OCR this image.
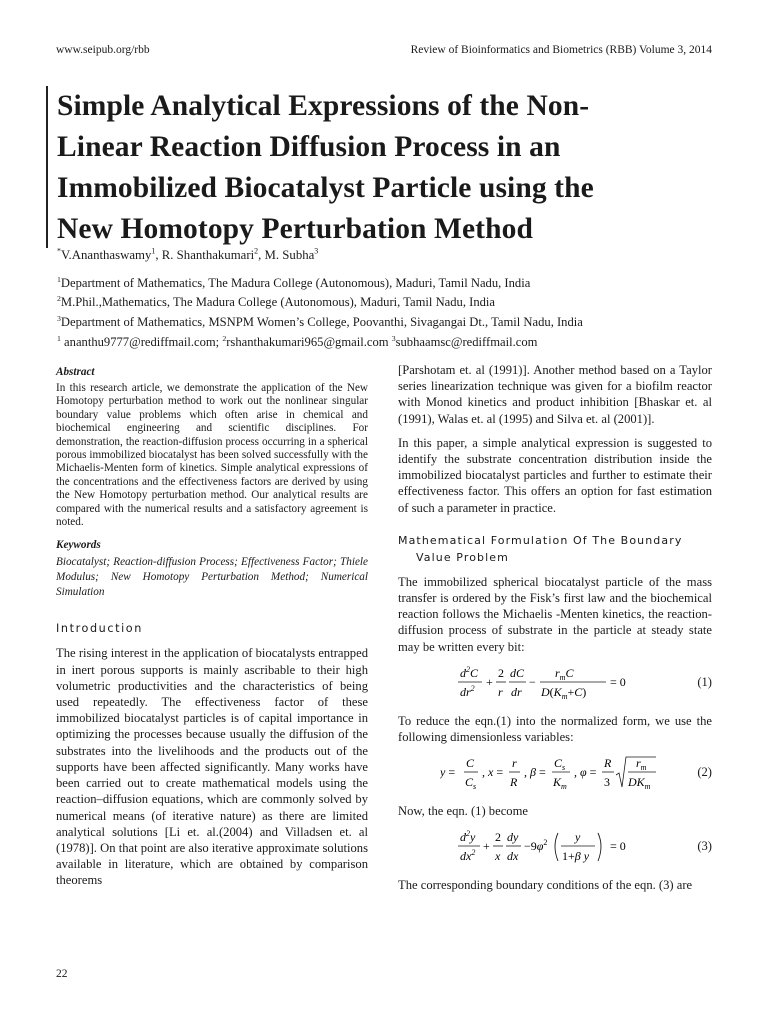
www.seipub.org/rbb	Review of Bioinformatics and Biometrics (RBB) Volume 3, 2014
Simple Analytical Expressions of the Non-
Linear Reaction Diffusion Process in an
Immobilized Biocatalyst Particle using the
New Homotopy Perturbation Method
*V.Ananthaswamy$^1$, R. Shanthakumari$^2$, M. Subha$^3$
$^1$Department of Mathematics, The Madura College (Autonomous), Maduri, Tamil Nadu, India
$^2$M.Phil.,Mathematics, The Madura College (Autonomous), Maduri, Tamil Nadu, India
$^3$Department of Mathematics, MSNPM Women’s College, Poovanthi, Sivagangai Dt., Tamil Nadu, India
$^1$ ananthu9777@rediffmail.com; $^2$rshanthakumari965@gmail.com $^3$subhaamsc@rediffmail.com

Abstract

In this research article, we demonstrate the application of the New Homotopy perturbation method to work out the nonlinear singular boundary value problems which often arise in chemical and biochemical engineering and scientific disciplines. For demonstration, the reaction-diffusion process occurring in a spherical porous immobilized biocatalyst has been solved successfully with the Michaelis-Menten form of kinetics. Simple analytical expressions of the concentrations and the effectiveness factors are derived by using the New Homotopy perturbation method. Our analytical results are compared with the numerical results and a satisfactory agreement is noted.

Keywords

Biocatalyst; Reaction-diffusion Process; Effectiveness Factor; Thiele Modulus; New Homotopy Perturbation Method; Numerical Simulation

Introduction

The rising interest in the application of biocatalysts entrapped in inert porous supports is mainly ascribable to their high volumetric productivities and the characteristics of being used repeatedly. The effectiveness factor of these immobilized biocatalyst particles is of capital importance in optimizing the processes because usually the diffusion of the substrates into the livelihoods and the products out of the supports have been affected significantly. Many works have been carried out to create mathematical models using the reaction–diffusion equations, which are commonly solved by numerical means (of iterative nature) as there are limited analytical solutions [Li et. al.(2004) and Villadsen et. al (1978)]. On that point are also iterative approximate solutions available in literature, which are obtained by comparison theorems

[Parshotam et. al (1991)]. Another method based on a Taylor series linearization technique was given for a biofilm reactor with Monod kinetics and product inhibition [Bhaskar et. al (1991), Walas et. al (1995) and Silva et. al (2001)].

In this paper, a simple analytical expression is suggested to identify the substrate concentration distribution inside the immobilized biocatalyst particles and further to estimate their effectiveness factor. This offers an option for fast estimation of such a parameter in practice.

Mathematical Formulation Of The Boundary
Value Problem

The immobilized spherical biocatalyst particle of the mass transfer is ordered by the Fisk’s first law and the biochemical reaction follows the Michaelis -Menten kinetics, the reaction-diffusion process of substrate in the particle at steady state may be written every bit:

$d^2C$
$dr^2$ +
2
r
dC
dr
−
$r_mC$
$D(K_m+C)$
= 0	(1)

To reduce the eqn.(1) into the normalized form, we use the following dimensionless variables:

y =
C
$C_s$
, x =
r
R
, β =
$C_s$
$K_m$
, φ =
R
3
$r_m$
$DK_m$
(2)

Now, the eqn. (1) become

$d^2y$
$dx^2$ +
2
x
dy
dx
$-9\varphi^2$ y
1+β y
= 0	(3)

The corresponding boundary conditions of the eqn. (3) are

22
